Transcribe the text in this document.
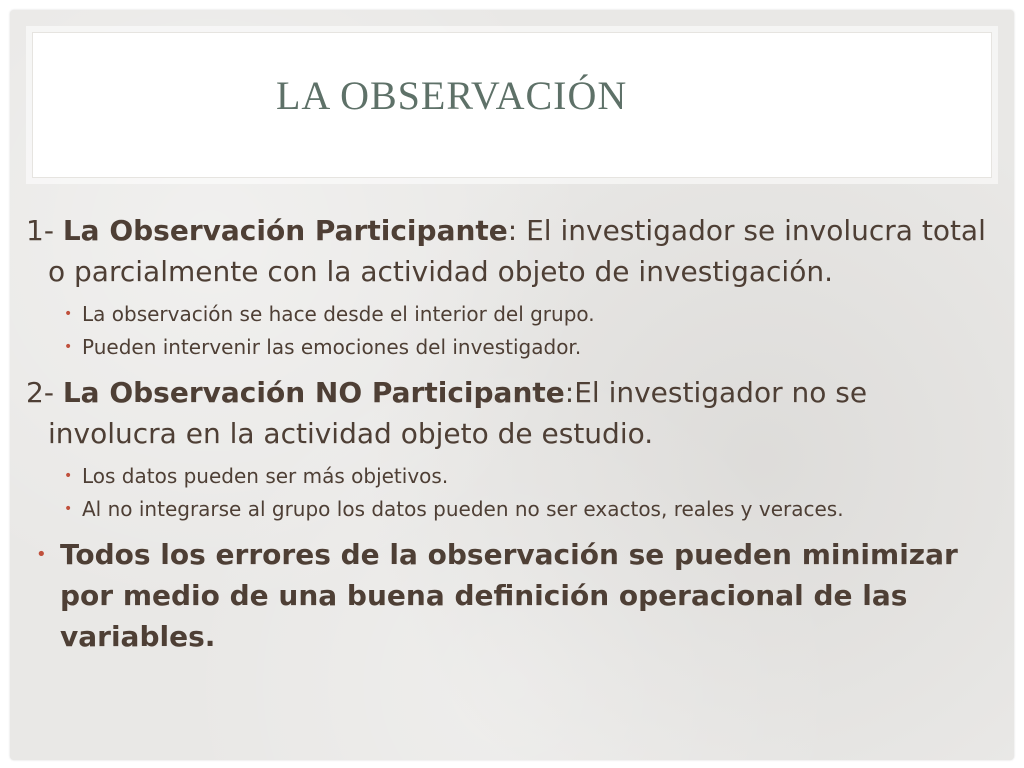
LA OBSERVACIÓN

1- La Observación Participante: El investigador se involucra total o parcialmente con la actividad objeto de investigación.

• La observación se hace desde el interior del grupo.
• Pueden intervenir las emociones del investigador.

2- La Observación NO Participante:El investigador no se involucra en la actividad objeto de estudio.

• Los datos pueden ser más objetivos.
• Al no integrarse al grupo los datos pueden no ser exactos, reales y veraces.

• Todos los errores de la observación se pueden minimizar por medio de una buena definición operacional de las variables.
